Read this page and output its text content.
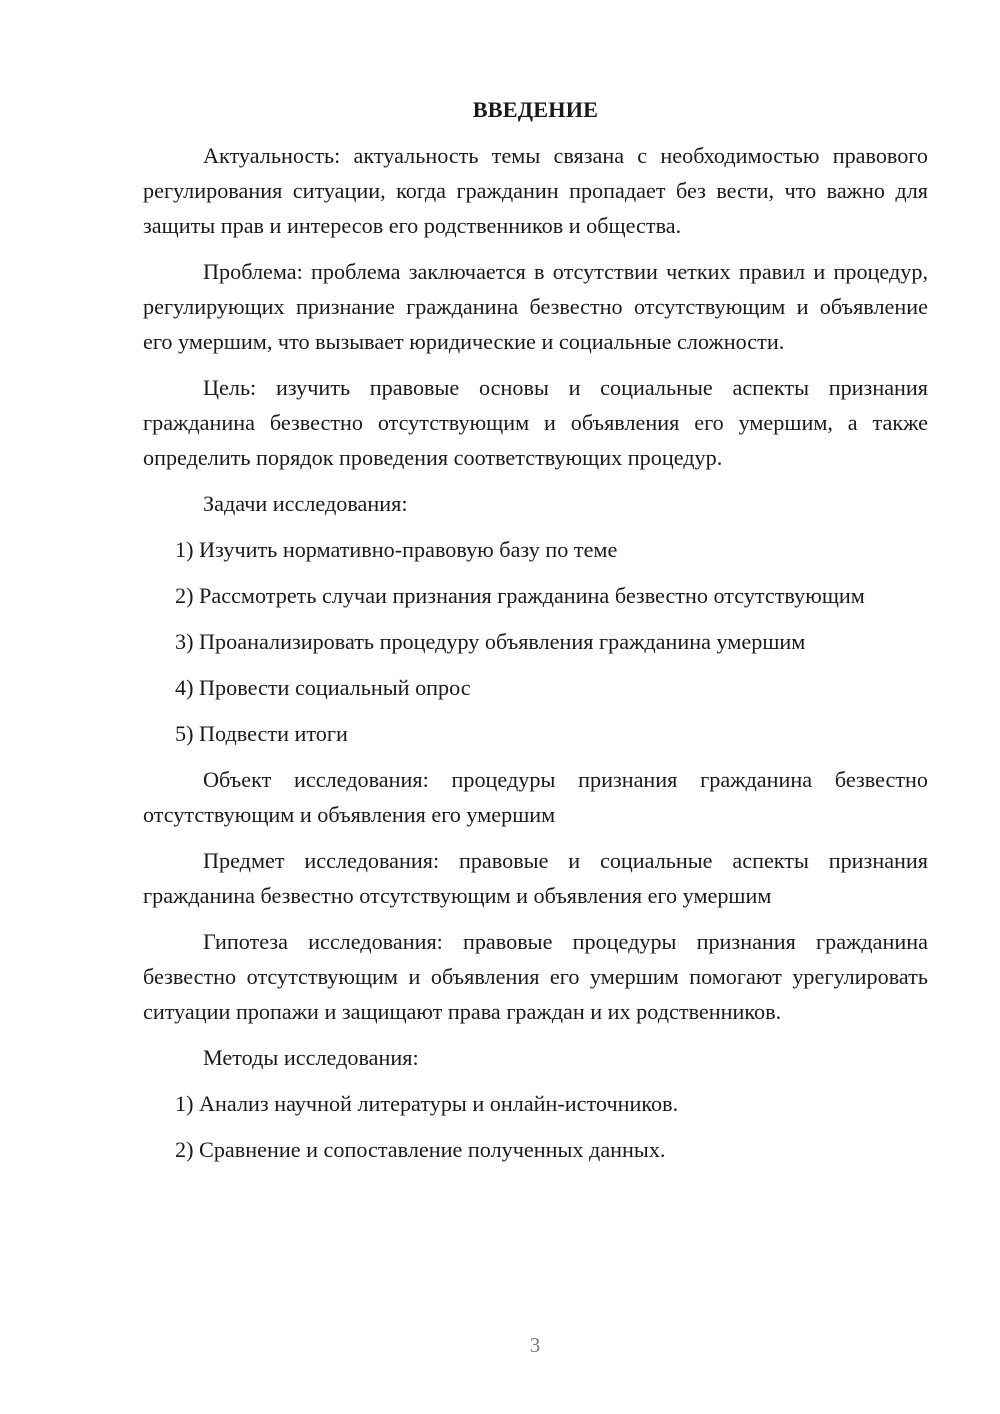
ВВЕДЕНИЕ
Актуальность: актуальность темы связана с необходимостью правового регулирования ситуации, когда гражданин пропадает без вести, что важно для защиты прав и интересов его родственников и общества.
Проблема: проблема заключается в отсутствии четких правил и процедур, регулирующих признание гражданина безвестно отсутствующим и объявление его умершим, что вызывает юридические и социальные сложности.
Цель: изучить правовые основы и социальные аспекты признания гражданина безвестно отсутствующим и объявления его умершим, а также определить порядок проведения соответствующих процедур.
Задачи исследования:
1) Изучить нормативно-правовую базу по теме
2) Рассмотреть случаи признания гражданина безвестно отсутствующим
3) Проанализировать процедуру объявления гражданина умершим
4) Провести социальный опрос
5) Подвести итоги
Объект исследования: процедуры признания гражданина безвестно отсутствующим и объявления его умершим
Предмет исследования: правовые и социальные аспекты признания гражданина безвестно отсутствующим и объявления его умершим
Гипотеза исследования: правовые процедуры признания гражданина безвестно отсутствующим и объявления его умершим помогают урегулировать ситуации пропажи и защищают права граждан и их родственников.
Методы исследования:
1) Анализ научной литературы и онлайн-источников.
2) Сравнение и сопоставление полученных данных.
3
